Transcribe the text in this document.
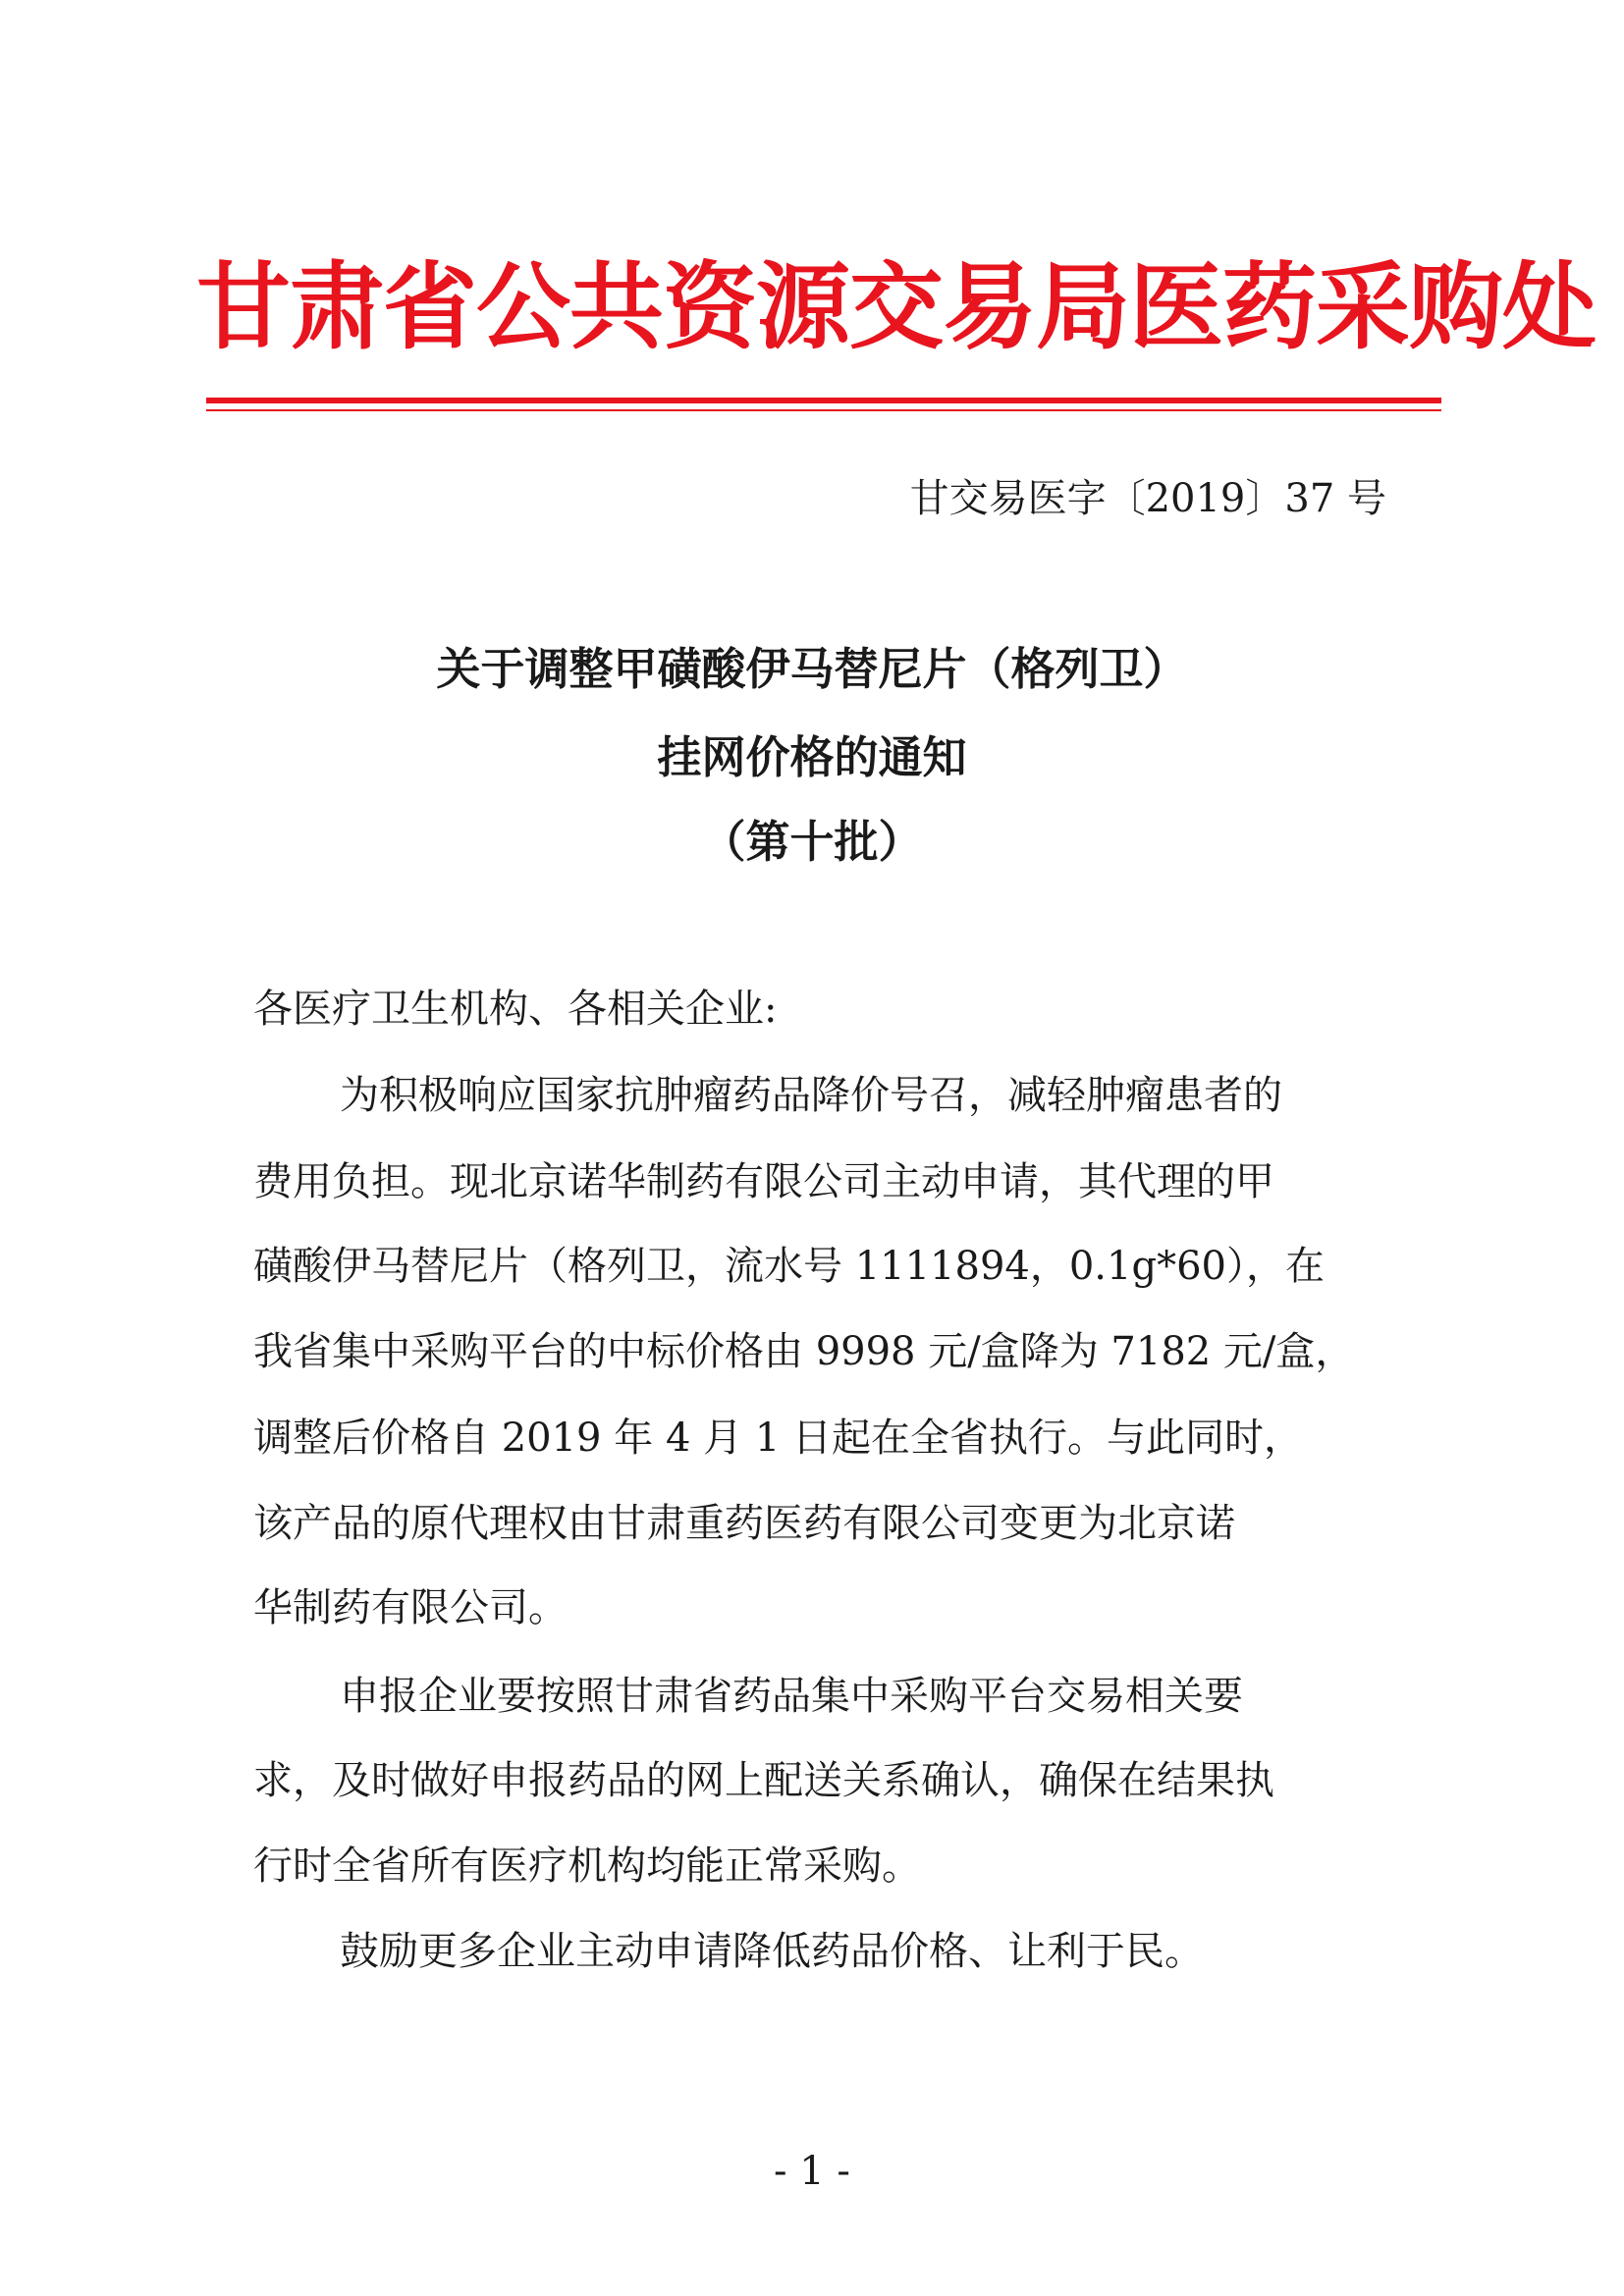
甘肃省公共资源交易局医药采购处
甘交易医字〔2019〕37 号
关于调整甲磺酸伊马替尼片（格列卫）
挂网价格的通知
（第十批）
各医疗卫生机构、各相关企业:
为积极响应国家抗肿瘤药品降价号召，减轻肿瘤患者的
费用负担。现北京诺华制药有限公司主动申请，其代理的甲
磺酸伊马替尼片（格列卫，流水号 1111894，0.1g*60），在
我省集中采购平台的中标价格由 9998 元/盒降为 7182 元/盒，
调整后价格自 2019 年 4 月 1 日起在全省执行。与此同时，
该产品的原代理权由甘肃重药医药有限公司变更为北京诺
华制药有限公司。
申报企业要按照甘肃省药品集中采购平台交易相关要
求，及时做好申报药品的网上配送关系确认，确保在结果执
行时全省所有医疗机构均能正常采购。
鼓励更多企业主动申请降低药品价格、让利于民。
- 1 -
